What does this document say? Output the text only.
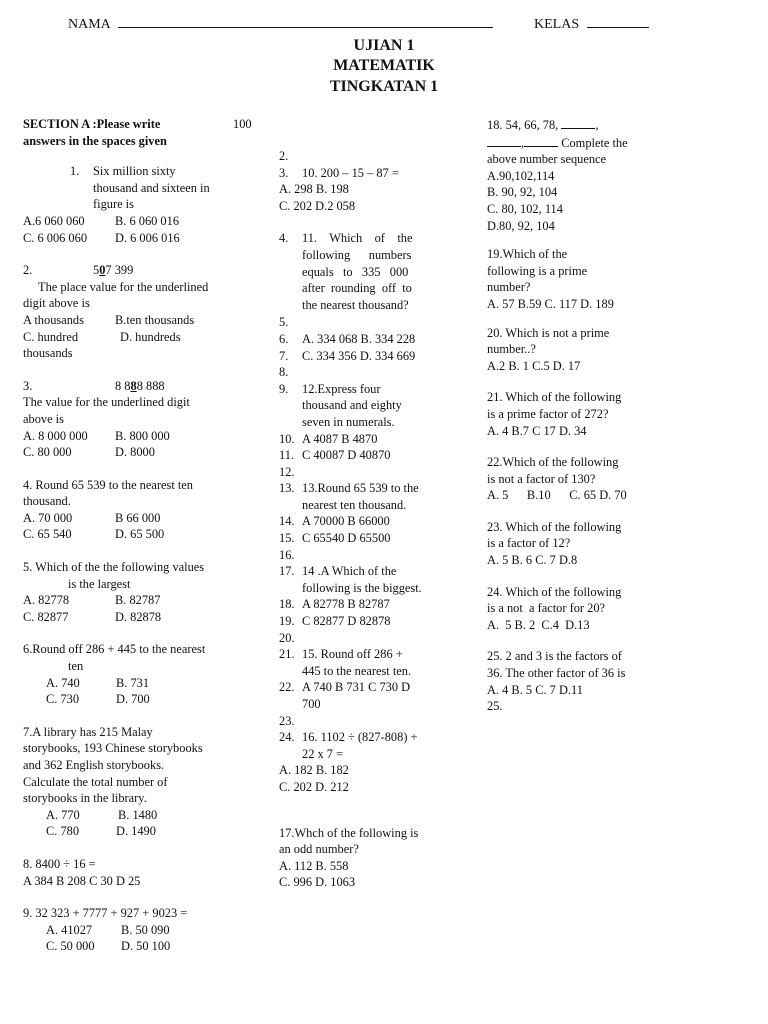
NAMA	KELAS
UJIAN 1
MATEMATIK
TINGKATAN 1
SECTION A :Please write	100
answers in the spaces given
1.	Six million sixty
thousand and sixteen in
figure is
A.6 060 060	B. 6 060 016
C. 6 006 060	D. 6 006 016
2.	507 399
The place value for the underlined
digit above is
A thousands	B.ten thousands
C. hundred thousands
D. hundreds
3.	8 888 888
The value for the underlined digit
above is
A. 8 000 000	B. 800 000
C. 80 000	D. 8000
4. Round 65 539 to the nearest ten
thousand.
A. 70 000	B 66 000
C. 65 540	D. 65 500
5. Which of the the following values
is the largest
A. 82778	B. 82787
C. 82877	D. 82878
6.Round off 286 + 445 to the nearest
ten
A. 740	B. 731
C. 730	D. 700
7.A library has 215 Malay
storybooks, 193 Chinese storybooks
and 362 English storybooks.
Calculate the total number of
storybooks in the library.
A. 770	B. 1480
C. 780	D. 1490
8. 8400 ÷ 16 =
A 384 B 208 C 30 D 25
9. 32 323 + 7777 + 927 + 9023 =
A. 41027	B. 50 090
C. 50 000	D. 50 100
2.
3.	10. 200 – 15 – 87 =
A. 298 B. 198
C. 202 D.2 058
4.	11.    Which    of    the
following      numbers
equals   to   335   000
after  rounding  off  to
the nearest thousand?
5.
6.	A. 334 068 B. 334 228
7.	C. 334 356 D. 334 669
8.
9.	12.Express four
thousand and eighty
seven in numerals.
10. A 4087 B 4870
11. C 40087 D 40870
12.
13. 13.Round 65 539 to the
nearest ten thousand.
14. A 70000 B 66000
15. C 65540 D 65500
16.
17. 14 .A Which of the
following is the biggest.
18. A 82778 B 82787
19. C 82877 D 82878
20.
21. 15. Round off 286 +
445 to the nearest ten.
22. A 740 B 731 C 730 D
700
23.
24. 16. 1102 ÷ (827-808) +
22 x 7 =
A. 182 B. 182
C. 202 D. 212
17.Whch of the following is
an odd number?
A. 112 B. 558
C. 996 D. 1063
18. 54, 66, 78,	,
,	Complete the
above number sequence
A.90,102,114
B. 90, 92, 104
C. 80, 102, 114
D.80, 92, 104
19.Which of the
following is a prime
number?
A. 57 B.59 C. 117 D. 189
20. Which is not a prime
number..?
A.2 B. 1 C.5 D. 17
21. Which of the following
is a prime factor of 272?
A. 4 B.7 C 17 D. 34
22.Which of the following
is not a factor of 130?
A. 5      B.10      C. 65 D. 70
23. Which of the following
is a factor of 12?
A. 5 B. 6 C. 7 D.8
24. Which of the following
is a not  a factor for 20?
A.  5 B. 2  C.4  D.13
25. 2 and 3 is the factors of
36. The other factor of 36 is
A. 4 B. 5 C. 7 D.11
25.
